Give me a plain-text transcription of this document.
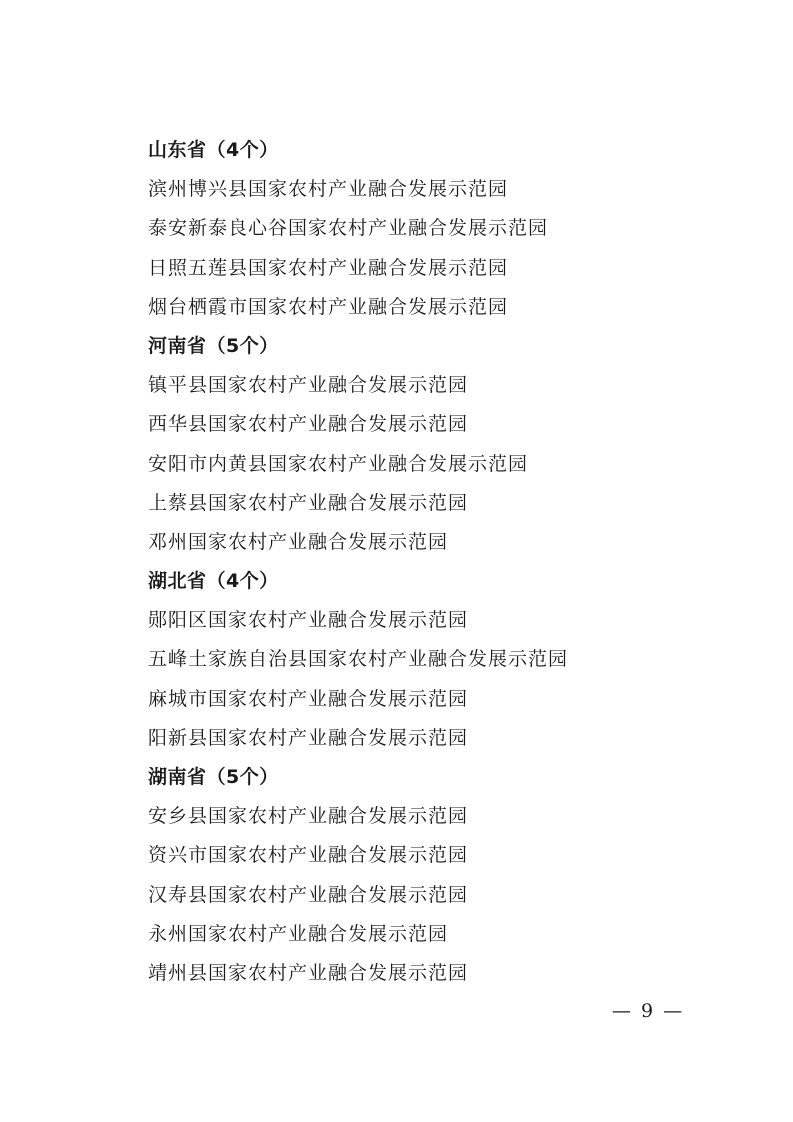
山东省（4个）
滨州博兴县国家农村产业融合发展示范园
泰安新泰良心谷国家农村产业融合发展示范园
日照五莲县国家农村产业融合发展示范园
烟台栖霞市国家农村产业融合发展示范园
河南省（5个）
镇平县国家农村产业融合发展示范园
西华县国家农村产业融合发展示范园
安阳市内黄县国家农村产业融合发展示范园
上蔡县国家农村产业融合发展示范园
邓州国家农村产业融合发展示范园
湖北省（4个）
郧阳区国家农村产业融合发展示范园
五峰土家族自治县国家农村产业融合发展示范园
麻城市国家农村产业融合发展示范园
阳新县国家农村产业融合发展示范园
湖南省（5个）
安乡县国家农村产业融合发展示范园
资兴市国家农村产业融合发展示范园
汉寿县国家农村产业融合发展示范园
永州国家农村产业融合发展示范园
靖州县国家农村产业融合发展示范园
— 9 —
